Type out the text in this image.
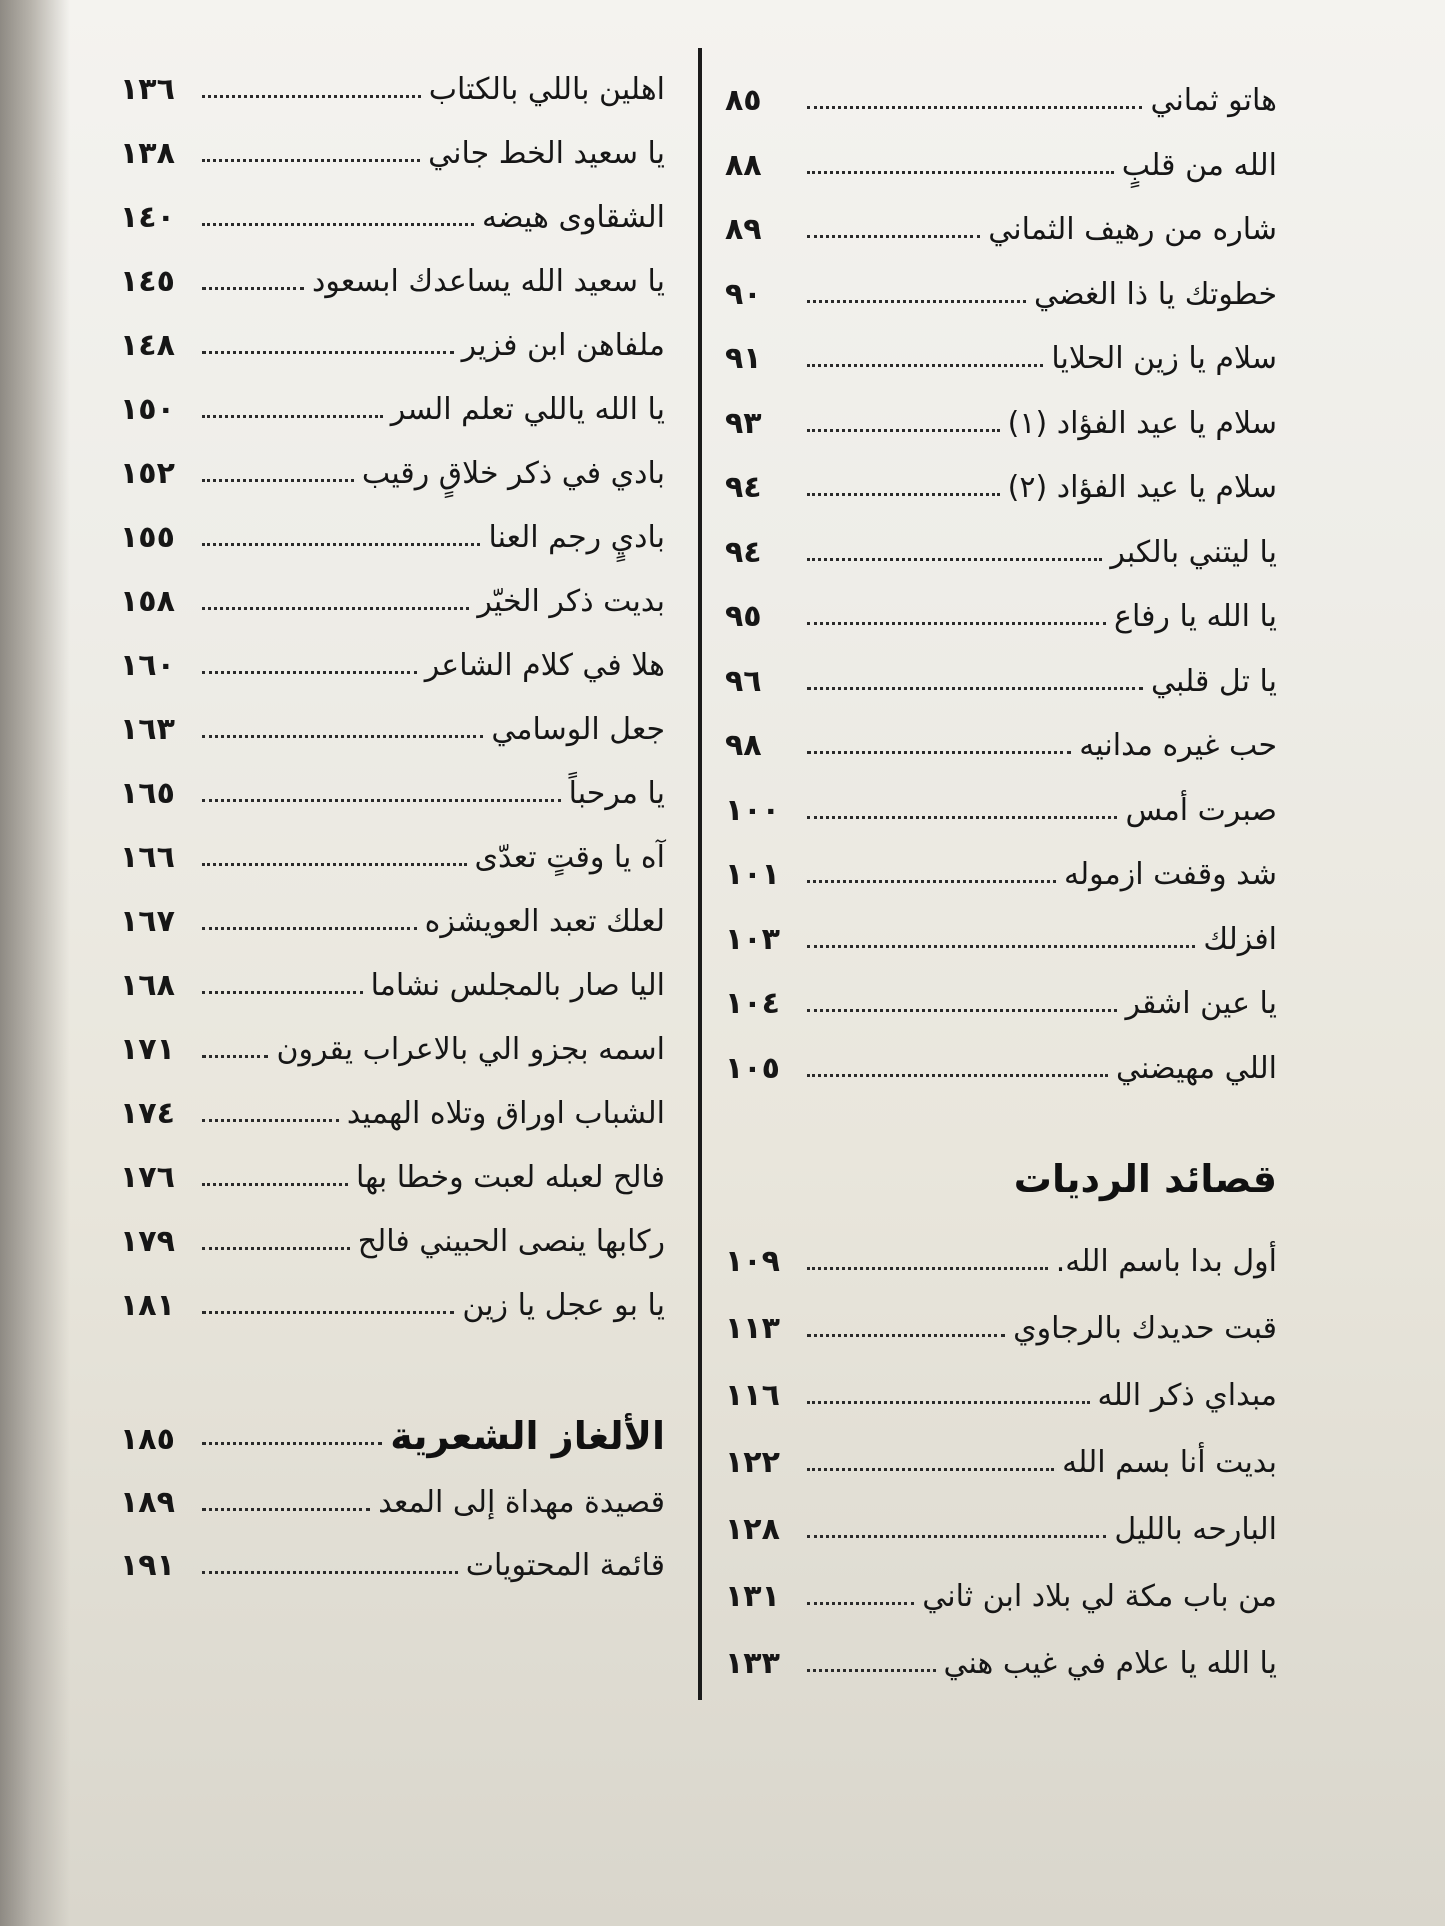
هاتو ثماني
٨٥
الله من قلبٍ
٨٨
شاره من رهيف الثماني
٨٩
خطوتك يا ذا الغضي
٩٠
سلام يا زين الحلايا
٩١
سلام يا عيد الفؤاد (١)
٩٣
سلام يا عيد الفؤاد (٢)
٩٤
يا ليتني بالكبر
٩٤
يا الله يا رفاع
٩٥
يا تل قلبي
٩٦
حب غيره مدانيه
٩٨
صبرت أمس
١٠٠
شد وقفت ازموله
١٠١
افزلك
١٠٣
يا عين اشقر
١٠٤
اللي مهيضني
١٠٥
قصائد الرديات
أول بدا باسم الله.
١٠٩
قبت حديدك بالرجاوي
١١٣
مبداي ذكر الله
١١٦
بديت أنا بسم الله
١٢٢
البارحه بالليل
١٢٨
من باب مكة لي بلاد ابن ثاني
١٣١
يا الله يا علام في غيب هني
١٣٣
اهلين باللي بالكتاب
١٣٦
يا سعيد الخط جاني
١٣٨
الشقاوى هيضه
١٤٠
يا سعيد الله يساعدك ابسعود
١٤٥
ملفاهن ابن فزير
١٤٨
يا الله ياللي تعلم السر
١٥٠
بادي في ذكر خلاقٍ رقيب
١٥٢
باديٍ رجم العنا
١٥٥
بديت ذكر الخيّر
١٥٨
هلا في كلام الشاعر
١٦٠
جعل الوسامي
١٦٣
يا مرحباً
١٦٥
آه يا وقتٍ تعدّى
١٦٦
لعلك تعبد العويشزه
١٦٧
اليا صار بالمجلس نشاما
١٦٨
اسمه بجزو الي بالاعراب يقرون
١٧١
الشباب اوراق وتلاه الهميد
١٧٤
فالح لعبله لعبت وخطا بها
١٧٦
ركابها ينصى الحبيني فالح
١٧٩
يا بو عجل يا زين
١٨١
الألغاز الشعرية
١٨٥
قصيدة مهداة إلى المعد
١٨٩
قائمة المحتويات
١٩١
